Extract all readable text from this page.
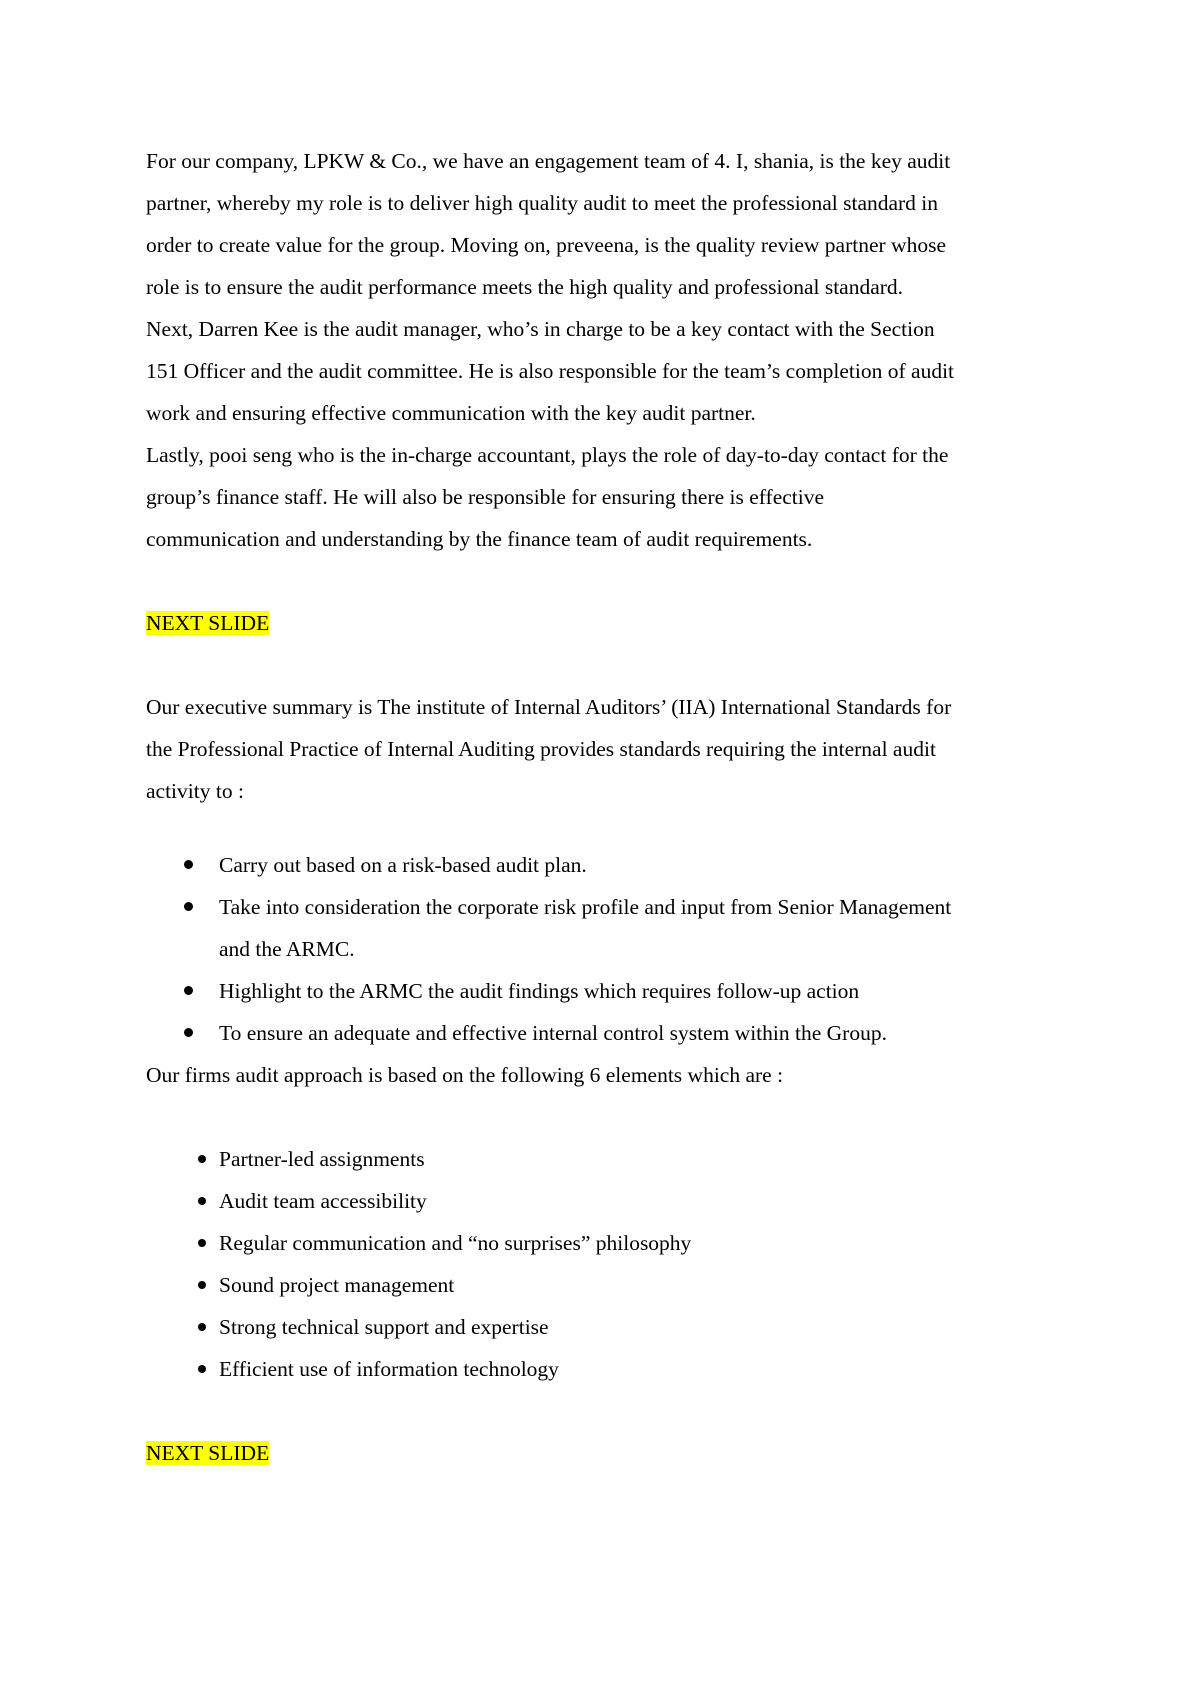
For our company, LPKW & Co., we have an engagement team of 4. I, shania, is the key audit
partner, whereby my role is to deliver high quality audit to meet the professional standard in
order to create value for the group. Moving on, preveena, is the quality review partner whose
role is to ensure the audit performance meets the high quality and professional standard.
Next, Darren Kee is the audit manager, who’s in charge to be a key contact with the Section
151 Officer and the audit committee. He is also responsible for the team’s completion of audit
work and ensuring effective communication with the key audit partner.
Lastly, pooi seng who is the in-charge accountant, plays the role of day-to-day contact for the
group’s finance staff. He will also be responsible for ensuring there is effective
communication and understanding by the finance team of audit requirements.

NEXT SLIDE

Our executive summary is The institute of Internal Auditors’ (IIA) International Standards for
the Professional Practice of Internal Auditing provides standards requiring the internal audit
activity to :

Carry out based on a risk-based audit plan.
Take into consideration the corporate risk profile and input from Senior Management
and the ARMC.
Highlight to the ARMC the audit findings which requires follow-up action
To ensure an adequate and effective internal control system within the Group.

Our firms audit approach is based on the following 6 elements which are :

Partner-led assignments
Audit team accessibility
Regular communication and “no surprises” philosophy
Sound project management
Strong technical support and expertise
Efficient use of information technology

NEXT SLIDE
